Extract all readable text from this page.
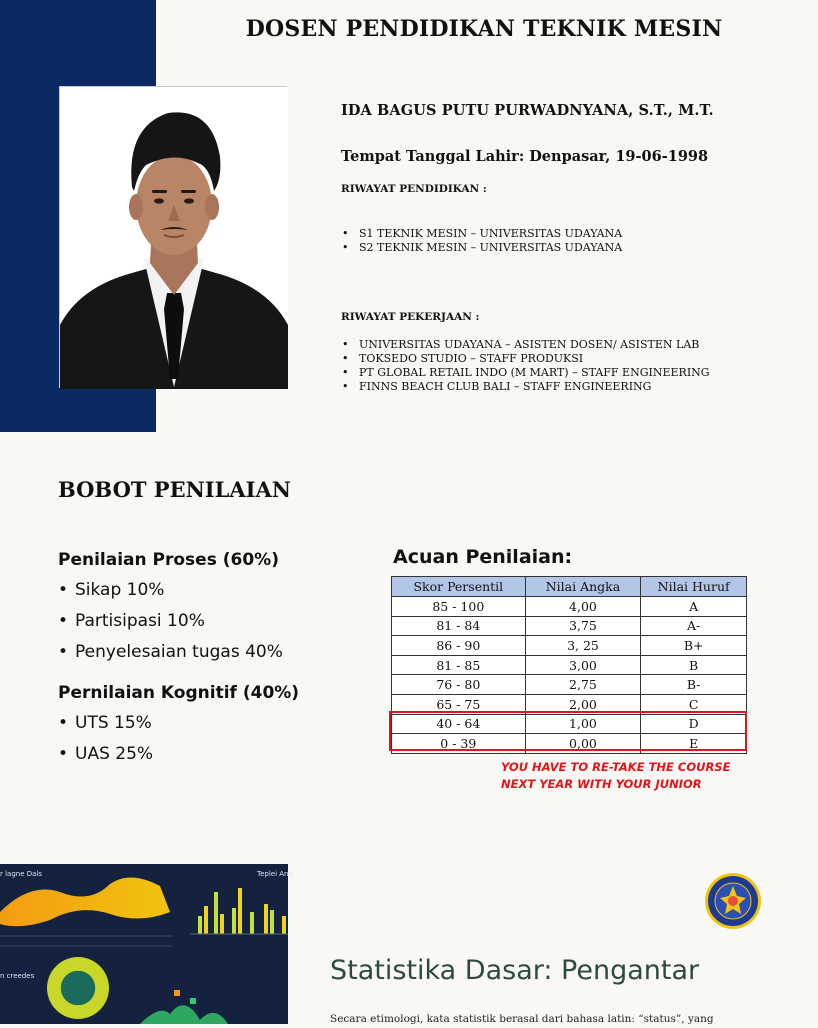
DOSEN PENDIDIKAN TEKNIK MESIN
IDA BAGUS PUTU PURWADNYANA, S.T., M.T.
Tempat Tanggal Lahir: Denpasar, 19-06-1998
RIWAYAT PENDIDIKAN :
• S1 TEKNIK MESIN – UNIVERSITAS UDAYANA
• S2 TEKNIK MESIN – UNIVERSITAS UDAYANA
RIWAYAT PEKERJAAN :
• UNIVERSITAS UDAYANA – ASISTEN DOSEN/ ASISTEN LAB
• TOKSEDO STUDIO – STAFF PRODUKSI
• PT GLOBAL RETAIL INDO (M MART) – STAFF ENGINEERING
• FINNS BEACH CLUB BALI – STAFF ENGINEERING
BOBOT PENILAIAN
Penilaian Proses (60%)
• Sikap 10%
• Partisipasi 10%
• Penyelesaian tugas 40%
Pernilaian Kognitif (40%)
• UTS 15%
• UAS 25%
Acuan Penilaian:
Skor Persentil	Nilai Angka	Nilai Huruf
85 - 100	4,00	A
81 - 84	3,75	A-
86 - 90	3, 25	B+
81 - 85	3,00	B
76 - 80	2,75	B-
65 - 75	2,00	C
40 - 64	1,00	D
0 - 39	0,00	E
YOU HAVE TO RE-TAKE THE COURSE
NEXT YEAR WITH YOUR JUNIOR
r lagne Dals	Teplei Anu
n creedes	Statistika Dasar: Pengantar
Secara etimologi, kata statistik berasal dari bahasa latin: “status”, yang
